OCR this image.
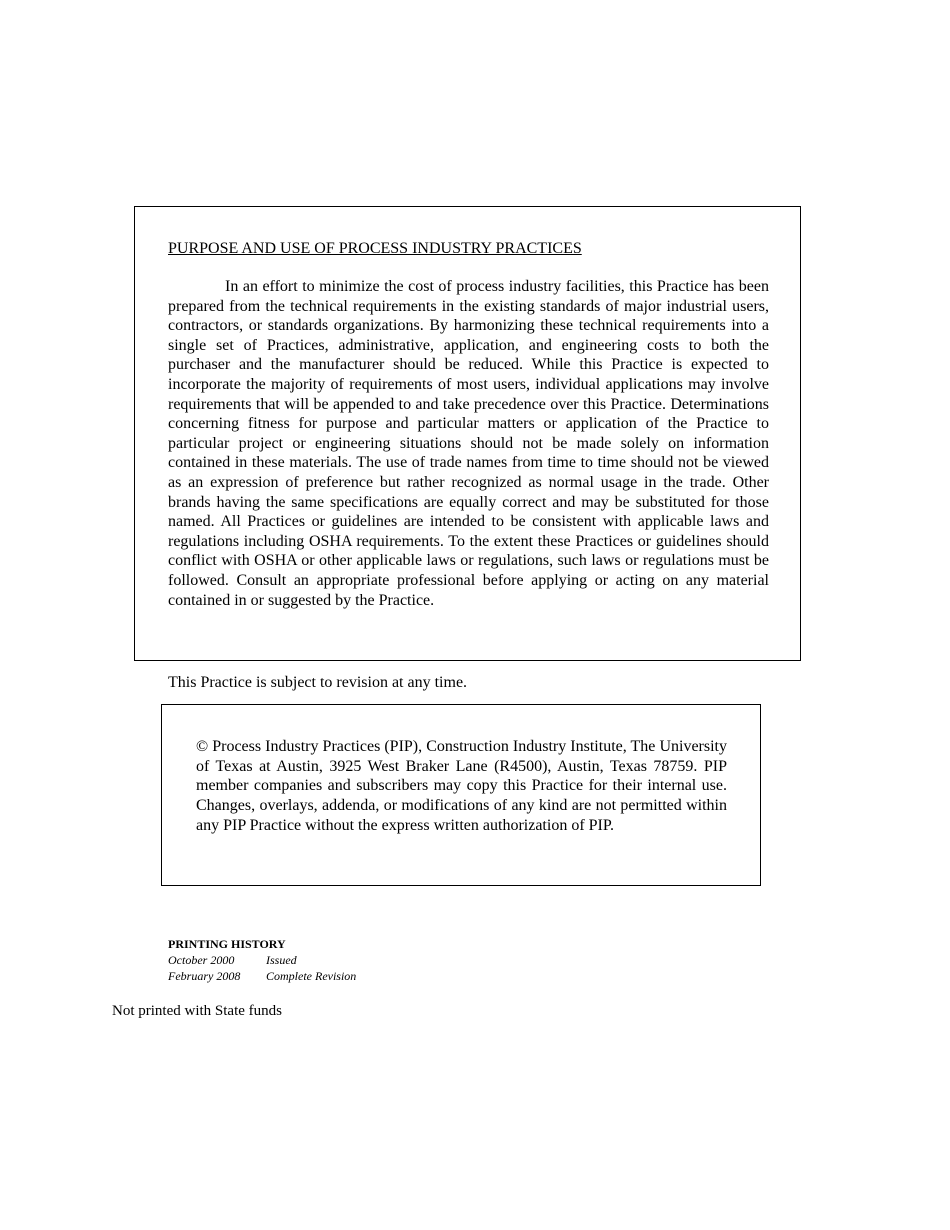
PURPOSE AND USE OF PROCESS INDUSTRY PRACTICES

In an effort to minimize the cost of process industry facilities, this Practice has been prepared from the technical requirements in the existing standards of major industrial users, contractors, or standards organizations. By harmonizing these technical requirements into a single set of Practices, administrative, application, and engineering costs to both the purchaser and the manufacturer should be reduced. While this Practice is expected to incorporate the majority of requirements of most users, individual applications may involve requirements that will be appended to and take precedence over this Practice. Determinations concerning fitness for purpose and particular matters or application of the Practice to particular project or engineering situations should not be made solely on information contained in these materials. The use of trade names from time to time should not be viewed as an expression of preference but rather recognized as normal usage in the trade. Other brands having the same specifications are equally correct and may be substituted for those named. All Practices or guidelines are intended to be consistent with applicable laws and regulations including OSHA requirements. To the extent these Practices or guidelines should conflict with OSHA or other applicable laws or regulations, such laws or regulations must be followed. Consult an appropriate professional before applying or acting on any material contained in or suggested by the Practice.

This Practice is subject to revision at any time.

© Process Industry Practices (PIP), Construction Industry Institute, The University of Texas at Austin, 3925 West Braker Lane (R4500), Austin, Texas 78759. PIP member companies and subscribers may copy this Practice for their internal use. Changes, overlays, addenda, or modifications of any kind are not permitted within any PIP Practice without the express written authorization of PIP.

PRINTING HISTORY
October 2000	Issued
February 2008	Complete Revision
Not printed with State funds
